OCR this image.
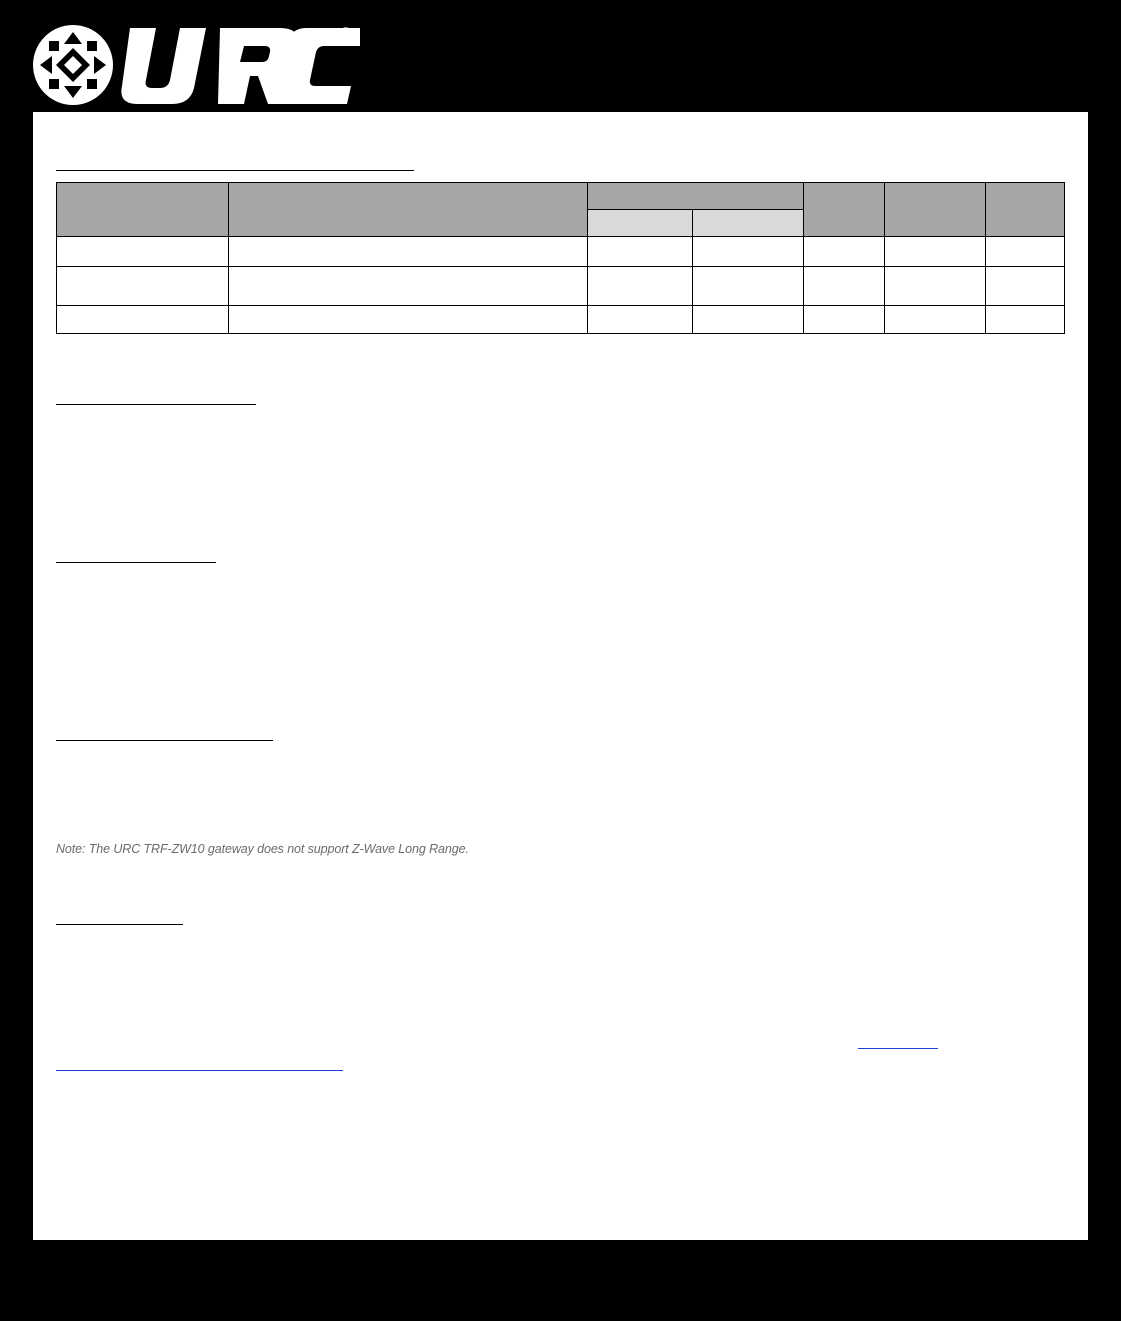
®

Note: The URC TRF-ZW10 gateway does not support Z-Wave Long Range.
